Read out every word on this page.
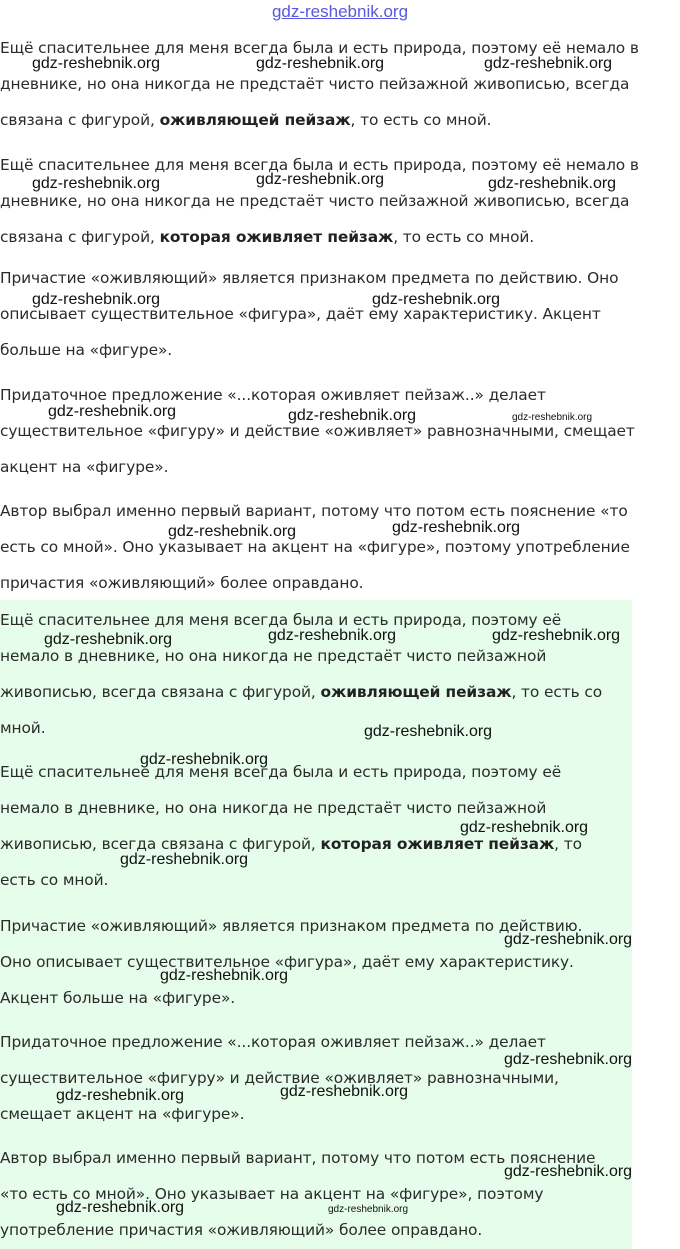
gdz-reshebnik.org

Ещё спасительнее для меня всегда была и есть природа, поэтому её немало в
дневнике, но она никогда не предстаёт чисто пейзажной живописью, всегда
связана с фигурой, оживляющей пейзаж, то есть со мной.

Ещё спасительнее для меня всегда была и есть природа, поэтому её немало в
дневнике, но она никогда не предстаёт чисто пейзажной живописью, всегда
связана с фигурой, которая оживляет пейзаж, то есть со мной.

Причастие «оживляющий» является признаком предмета по действию. Оно
описывает существительное «фигура», даёт ему характеристику. Акцент
больше на «фигуре».

Придаточное предложение «...которая оживляет пейзаж..» делает
существительное «фигуру» и действие «оживляет» равнозначными, смещает
акцент на «фигуре».

Автор выбрал именно первый вариант, потому что потом есть пояснение «то
есть со мной». Оно указывает на акцент на «фигуре», поэтому употребление
причастия «оживляющий» более оправдано.

Ещё спасительнее для меня всегда была и есть природа, поэтому её
немало в дневнике, но она никогда не предстаёт чисто пейзажной
живописью, всегда связана с фигурой, оживляющей пейзаж, то есть со
мной.

Ещё спасительнее для меня всегда была и есть природа, поэтому её
немало в дневнике, но она никогда не предстаёт чисто пейзажной
живописью, всегда связана с фигурой, которая оживляет пейзаж, то
есть со мной.

Причастие «оживляющий» является признаком предмета по действию.
Оно описывает существительное «фигура», даёт ему характеристику.
Акцент больше на «фигуре».

Придаточное предложение «...которая оживляет пейзаж..» делает
существительное «фигуру» и действие «оживляет» равнозначными,
смещает акцент на «фигуре».

Автор выбрал именно первый вариант, потому что потом есть пояснение
«то есть со мной». Оно указывает на акцент на «фигуре», поэтому
употребление причастия «оживляющий» более оправдано.

gdz-reshebnik.org	gdz-reshebnik.org	gdz-reshebnik.org
gdz-reshebnik.org	gdz-reshebnik.org	gdz-reshebnik.org
gdz-reshebnik.org	gdz-reshebnik.org
gdz-reshebnik.org	gdz-reshebnik.org	gdz-reshebnik.org
gdz-reshebnik.org	gdz-reshebnik.org
gdz-reshebnik.org	gdz-reshebnik.org	gdz-reshebnik.org
gdz-reshebnik.org
gdz-reshebnik.org
gdz-reshebnik.org
gdz-reshebnik.org
gdz-reshebnik.org
gdz-reshebnik.org
gdz-reshebnik.org
gdz-reshebnik.org	gdz-reshebnik.org
gdz-reshebnik.org
gdz-reshebnik.org	gdz-reshebnik.org
